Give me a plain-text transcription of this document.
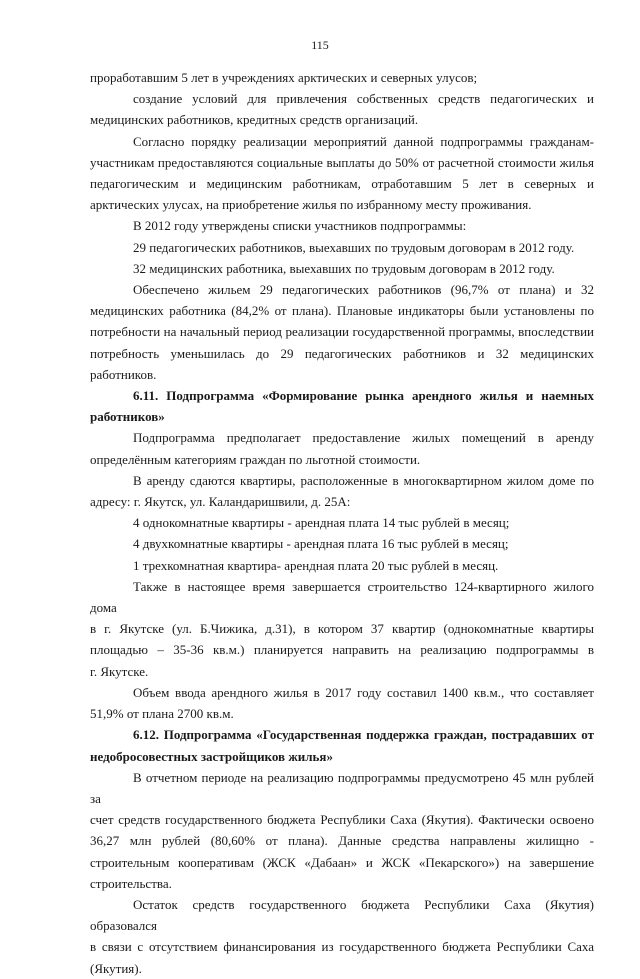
115

проработавшим 5 лет в учреждениях арктических и северных улусов;

создание условий для привлечения собственных средств педагогических и

медицинских работников, кредитных средств организаций.

Согласно порядку реализации мероприятий данной подпрограммы гражданам-

участникам предоставляются социальные выплаты до 50% от расчетной стоимости жилья

педагогическим и медицинским работникам, отработавшим 5 лет в северных и

арктических улусах, на приобретение жилья по избранному месту проживания.

В 2012 году утверждены списки участников подпрограммы:

29 педагогических работников, выехавших по трудовым договорам в 2012 году.

32 медицинских работника, выехавших по трудовым договорам в 2012 году.

Обеспечено жильем 29 педагогических работников (96,7% от плана) и 32

медицинских работника (84,2% от плана). Плановые индикаторы были установлены по

потребности на начальный период реализации государственной программы, впоследствии

потребность уменьшилась до 29 педагогических работников и 32 медицинских

работников.

6.11. Подпрограмма «Формирование рынка арендного жилья и наемных

работников»

Подпрограмма предполагает предоставление жилых помещений в аренду

определённым категориям граждан по льготной стоимости.

В аренду сдаются квартиры, расположенные в многоквартирном жилом доме по

адресу: г. Якутск, ул. Каландаришвили, д. 25А:

4 однокомнатные квартиры - арендная плата 14 тыс рублей в месяц;

4 двухкомнатные квартиры - арендная плата 16 тыс рублей в месяц;

1 трехкомнатная квартира- арендная плата 20 тыс рублей в месяц.

Также в настоящее время завершается строительство 124-квартирного жилого дома

в г. Якутске (ул. Б.Чижика, д.31), в котором 37 квартир (однокомнатные квартиры

площадью – 35-36 кв.м.) планируется направить на реализацию подпрограммы в

г. Якутске.

Объем ввода арендного жилья в 2017 году составил 1400 кв.м., что составляет

51,9% от плана 2700 кв.м.

6.12. Подпрограмма «Государственная поддержка граждан, пострадавших от

недобросовестных застройщиков жилья»

В отчетном периоде на реализацию подпрограммы предусмотрено 45 млн рублей за

счет средств государственного бюджета Республики Саха (Якутия). Фактически освоено

36,27 млн рублей (80,60% от плана). Данные средства направлены жилищно -

строительным кооперативам (ЖСК «Дабаан» и ЖСК «Пекарского») на завершение

строительства.

Остаток средств государственного бюджета Республики Саха (Якутия) образовался

в связи с отсутствием финансирования из государственного бюджета Республики Саха

(Якутия).
